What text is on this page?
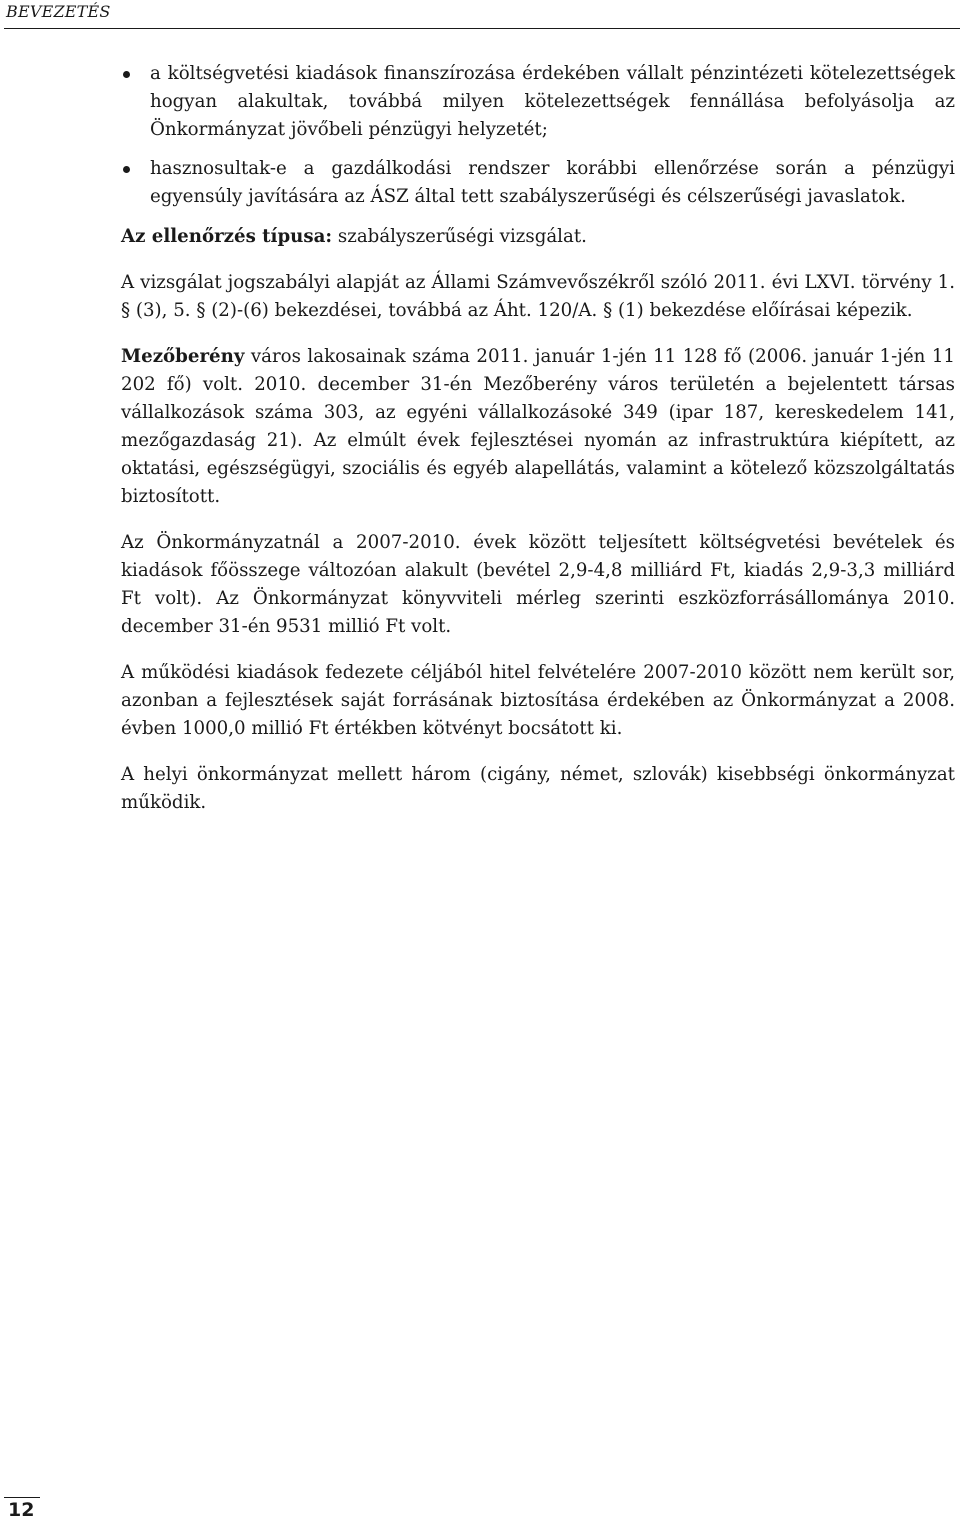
BEVEZETÉS
a költségvetési kiadások finanszírozása érdekében vállalt pénzintézeti kötelezettségek hogyan alakultak, továbbá milyen kötelezettségek fennállása befolyásolja az Önkormányzat jövőbeli pénzügyi helyzetét;
hasznosultak-e a gazdálkodási rendszer korábbi ellenőrzése során a pénzügyi egyensúly javítására az ÁSZ által tett szabályszerűségi és célszerűségi javaslatok.

Az ellenőrzés típusa: szabályszerűségi vizsgálat.

A vizsgálat jogszabályi alapját az Állami Számvevőszékről szóló 2011. évi LXVI. törvény 1. § (3), 5. § (2)-(6) bekezdései, továbbá az Áht. 120/A. § (1) bekezdése előírásai képezik.

Mezőberény város lakosainak száma 2011. január 1-jén 11 128 fő (2006. január 1-jén 11 202 fő) volt. 2010. december 31-én Mezőberény város területén a bejelentett társas vállalkozások száma 303, az egyéni vállalkozásoké 349 (ipar 187, kereskedelem 141, mezőgazdaság 21). Az elmúlt évek fejlesztései nyomán az infrastruktúra kiépített, az oktatási, egészségügyi, szociális és egyéb alapellátás, valamint a kötelező közszolgáltatás biztosított.

Az Önkormányzatnál a 2007-2010. évek között teljesített költségvetési bevételek és kiadások főösszege változóan alakult (bevétel 2,9-4,8 milliárd Ft, kiadás 2,9-3,3 milliárd Ft volt). Az Önkormányzat könyvviteli mérleg szerinti eszközforrásállománya 2010. december 31-én 9531 millió Ft volt.

A működési kiadások fedezete céljából hitel felvételére 2007-2010 között nem került sor, azonban a fejlesztések saját forrásának biztosítása érdekében az Önkormányzat a 2008. évben 1000,0 millió Ft értékben kötvényt bocsátott ki.

A helyi önkormányzat mellett három (cigány, német, szlovák) kisebbségi önkormányzat működik.

12
